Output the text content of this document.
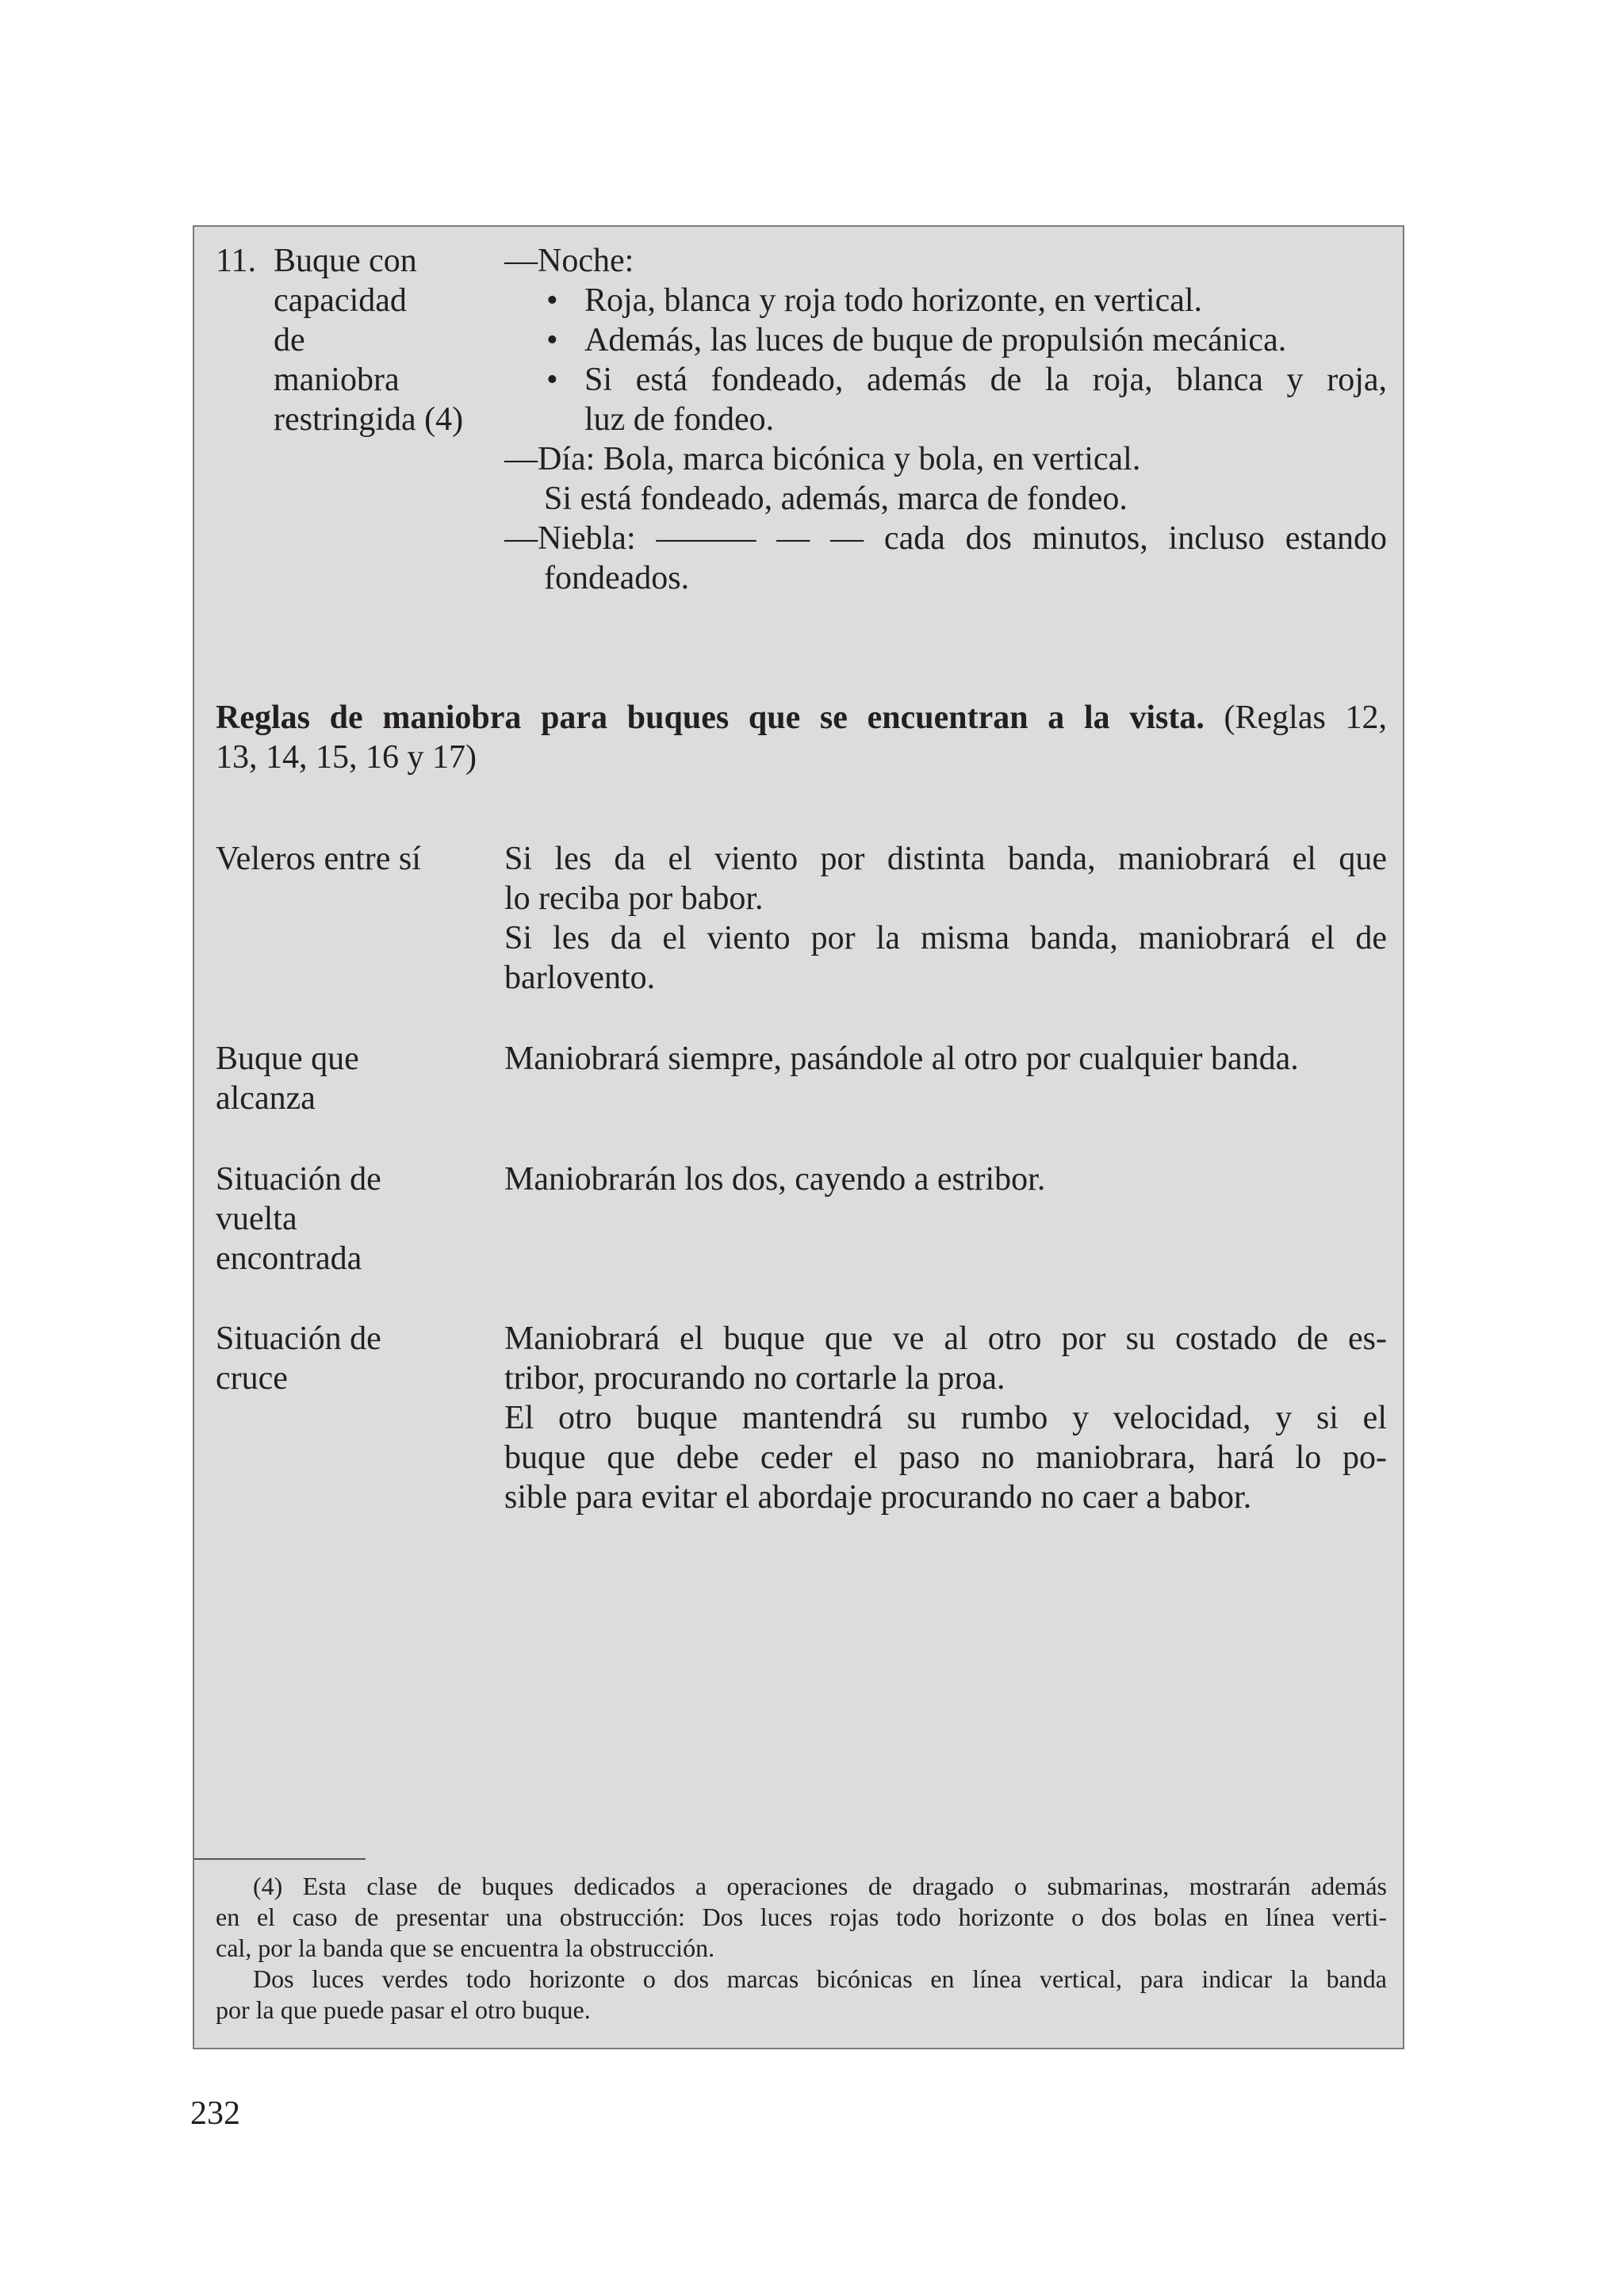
11. Buque con
capacidad
de
maniobra
restringida (4)
—Noche:
• Roja, blanca y roja todo horizonte, en vertical.
• Además, las luces de buque de propulsión mecánica.
• Si está fondeado, además de la roja, blanca y roja,
luz de fondeo.
—Día: Bola, marca bicónica y bola, en vertical.
Si está fondeado, además, marca de fondeo.
—Niebla: ——— — — cada dos minutos, incluso estando
fondeados.
Reglas de maniobra para buques que se encuentran a la vista. (Reglas 12,
13, 14, 15, 16 y 17)
Veleros entre sí	Si les da el viento por distinta banda, maniobrará el que
lo reciba por babor.
Si les da el viento por la misma banda, maniobrará el de
barlovento.
Buque que
alcanza
Maniobrará siempre, pasándole al otro por cualquier banda.
Situación de
vuelta
encontrada
Maniobrarán los dos, cayendo a estribor.
Situación de
cruce
Maniobrará el buque que ve al otro por su costado de es-
tribor, procurando no cortarle la proa.
El otro buque mantendrá su rumbo y velocidad, y si el
buque que debe ceder el paso no maniobrara, hará lo po-
sible para evitar el abordaje procurando no caer a babor.
(4) Esta clase de buques dedicados a operaciones de dragado o submarinas, mostrarán además
en el caso de presentar una obstrucción: Dos luces rojas todo horizonte o dos bolas en línea verti-
cal, por la banda que se encuentra la obstrucción.
Dos luces verdes todo horizonte o dos marcas bicónicas en línea vertical, para indicar la banda
por la que puede pasar el otro buque.
232
